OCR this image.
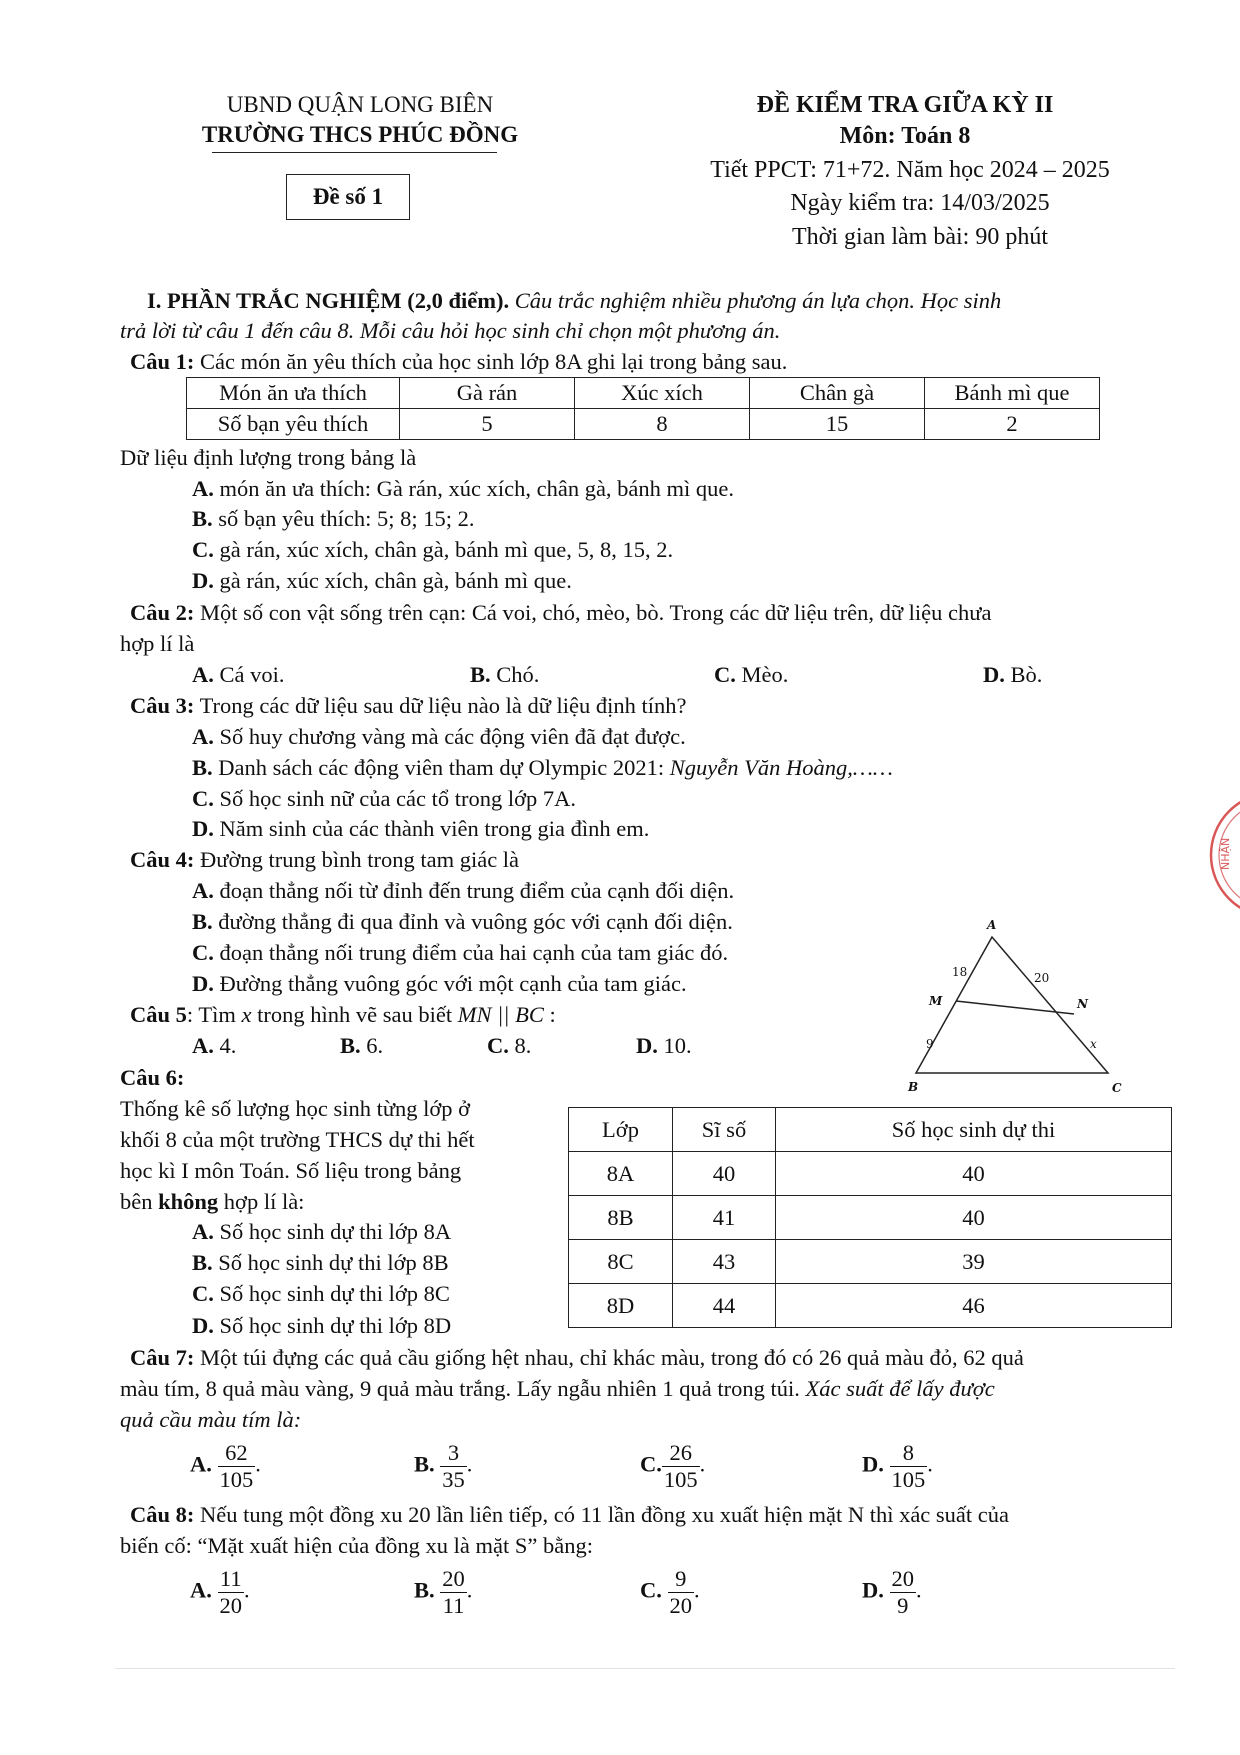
UBND QUẬN LONG BIÊN
TRƯỜNG THCS PHÚC ĐỒNG
Đề số 1
ĐỀ KIỂM TRA GIỮA KỲ II
Môn: Toán 8
Tiết PPCT: 71+72. Năm học 2024 – 2025
Ngày kiểm tra: 14/03/2025
Thời gian làm bài: 90 phút
I. PHẦN TRẮC NGHIỆM (2,0 điểm). Câu trắc nghiệm nhiều phương án lựa chọn. Học sinh
trả lời từ câu 1 đến câu 8. Mỗi câu hỏi học sinh chỉ chọn một phương án.
Câu 1: Các món ăn yêu thích của học sinh lớp 8A ghi lại trong bảng sau.
Món ăn ưa thích	Gà rán	Xúc xích	Chân gà	Bánh mì que
Số bạn yêu thích	5	8	15	2
Dữ liệu định lượng trong bảng là
A. món ăn ưa thích: Gà rán, xúc xích, chân gà, bánh mì que.
B. số bạn yêu thích: 5; 8; 15; 2.
C. gà rán, xúc xích, chân gà, bánh mì que, 5, 8, 15, 2.
D. gà rán, xúc xích, chân gà, bánh mì que.
Câu 2: Một số con vật sống trên cạn: Cá voi, chó, mèo, bò. Trong các dữ liệu trên, dữ liệu chưa
hợp lí là
A. Cá voi.	B. Chó.	C. Mèo.	D. Bò.
Câu 3: Trong các dữ liệu sau dữ liệu nào là dữ liệu định tính?
A. Số huy chương vàng mà các động viên đã đạt được.
B. Danh sách các động viên tham dự Olympic 2021: Nguyễn Văn Hoàng,……
C. Số học sinh nữ của các tổ trong lớp 7A.
D. Năm sinh của các thành viên trong gia đình em.
Câu 4: Đường trung bình trong tam giác là
A. đoạn thẳng nối từ đỉnh đến trung điểm của cạnh đối diện.
B. đường thẳng đi qua đỉnh và vuông góc với cạnh đối diện.
C. đoạn thẳng nối trung điểm của hai cạnh của tam giác đó.
D. Đường thẳng vuông góc với một cạnh của tam giác.
A
B	C
M	N
18	20
9	x
Câu 5: Tìm x trong hình vẽ sau biết MN || BC :
A. 4.	B. 6.	C. 8.	D. 10.
Câu 6:
Thống kê số lượng học sinh từng lớp ở
khối 8 của một trường THCS dự thi hết
học kì I môn Toán. Số liệu trong bảng
bên không hợp lí là:
A. Số học sinh dự thi lớp 8A
B. Số học sinh dự thi lớp 8B
C. Số học sinh dự thi lớp 8C
D. Số học sinh dự thi lớp 8D
Lớp	Sĩ số	Số học sinh dự thi
8A	40	40
8B	41	40
8C	43	39
8D	44	46
Câu 7: Một túi đựng các quả cầu giống hệt nhau, chỉ khác màu, trong đó có 26 quả màu đỏ, 62 quả
màu tím, 8 quả màu vàng, 9 quả màu trắng. Lấy ngẫu nhiên 1 quả trong túi. Xác suất để lấy được
quả cầu màu tím là:
A. $\frac{62}{105}$ .	B. $\frac{3}{35}$ .	C. $\frac{26}{105}$ .	D. $\frac{8}{105}$ .
Câu 8: Nếu tung một đồng xu 20 lần liên tiếp, có 11 lần đồng xu xuất hiện mặt N thì xác suất của
biến cố: “Mặt xuất hiện của đồng xu là mặt S” bằng:
A. $\frac{11}{20}$ .	B. $\frac{20}{11}$ .	C. $\frac{9}{20}$ .	D. $\frac{20}{9}$ .
NHẬN
